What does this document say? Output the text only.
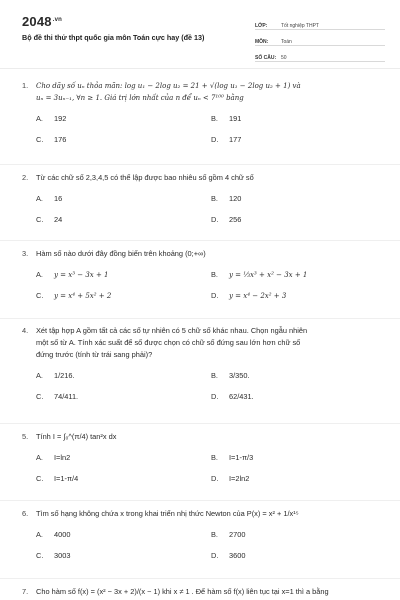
$2048^{.vn}$
Bộ đề thi thử thpt quốc gia môn Toán cực hay (đề 13)
LỚP:	Tốt nghiệp THPT
MÔN:	Toán
SỐ CÂU: 50
1.	Cho dãy số uₙ thỏa mãn: log u₁ − 2log u₂ = 21 + √(log u₁ − 2log u₂ + 1) và
uₙ = 3uₙ₋₁, ∀n ≥ 1. Giá trị lớn nhất của n để uₙ < 7¹⁰⁰ bằng
A.	192	B.	191
C.	176	D.	177
2.	Từ các chữ số 2,3,4,5 có thể lập được bao nhiêu số gồm 4 chữ số
A.	16	B.	120
C.	24	D.	256
3.	Hàm số nào dưới đây đồng biến trên khoảng (0;+∞)
A.	y = x³ − 3x + 1	B.	y = ⅓x³ + x² − 3x + 1
C.	y = x⁴ + 5x² + 2	D.	y = x⁴ − 2x² + 3
4.	Xét tập hợp A gồm tất cả các số tự nhiên có 5 chữ số khác nhau. Chọn ngẫu nhiên
một số từ A. Tính xác suất để số được chọn có chữ số đứng sau lớn hơn chữ số
đứng trước (tính từ trái sang phải)?
A.	1/216.	B.	3/350.
C.	74/411.	D.	62/431.
5.	Tính I = ∫₀^(π/4) tan²x dx
A.	I=ln2	B.	I=1-π/3
C.	I=1-π/4	D.	I=2ln2
6.	Tìm số hạng không chứa x trong khai triển nhị thức Newton của P(x) = x² + 1/x¹⁵
A.	4000	B.	2700
C.	3003	D.	3600
7.	Cho hàm số f(x) = (x² − 3x + 2)/(x − 1) khi x ≠ 1 . Để hàm số f(x) liên tục tại x=1 thì a bằng
